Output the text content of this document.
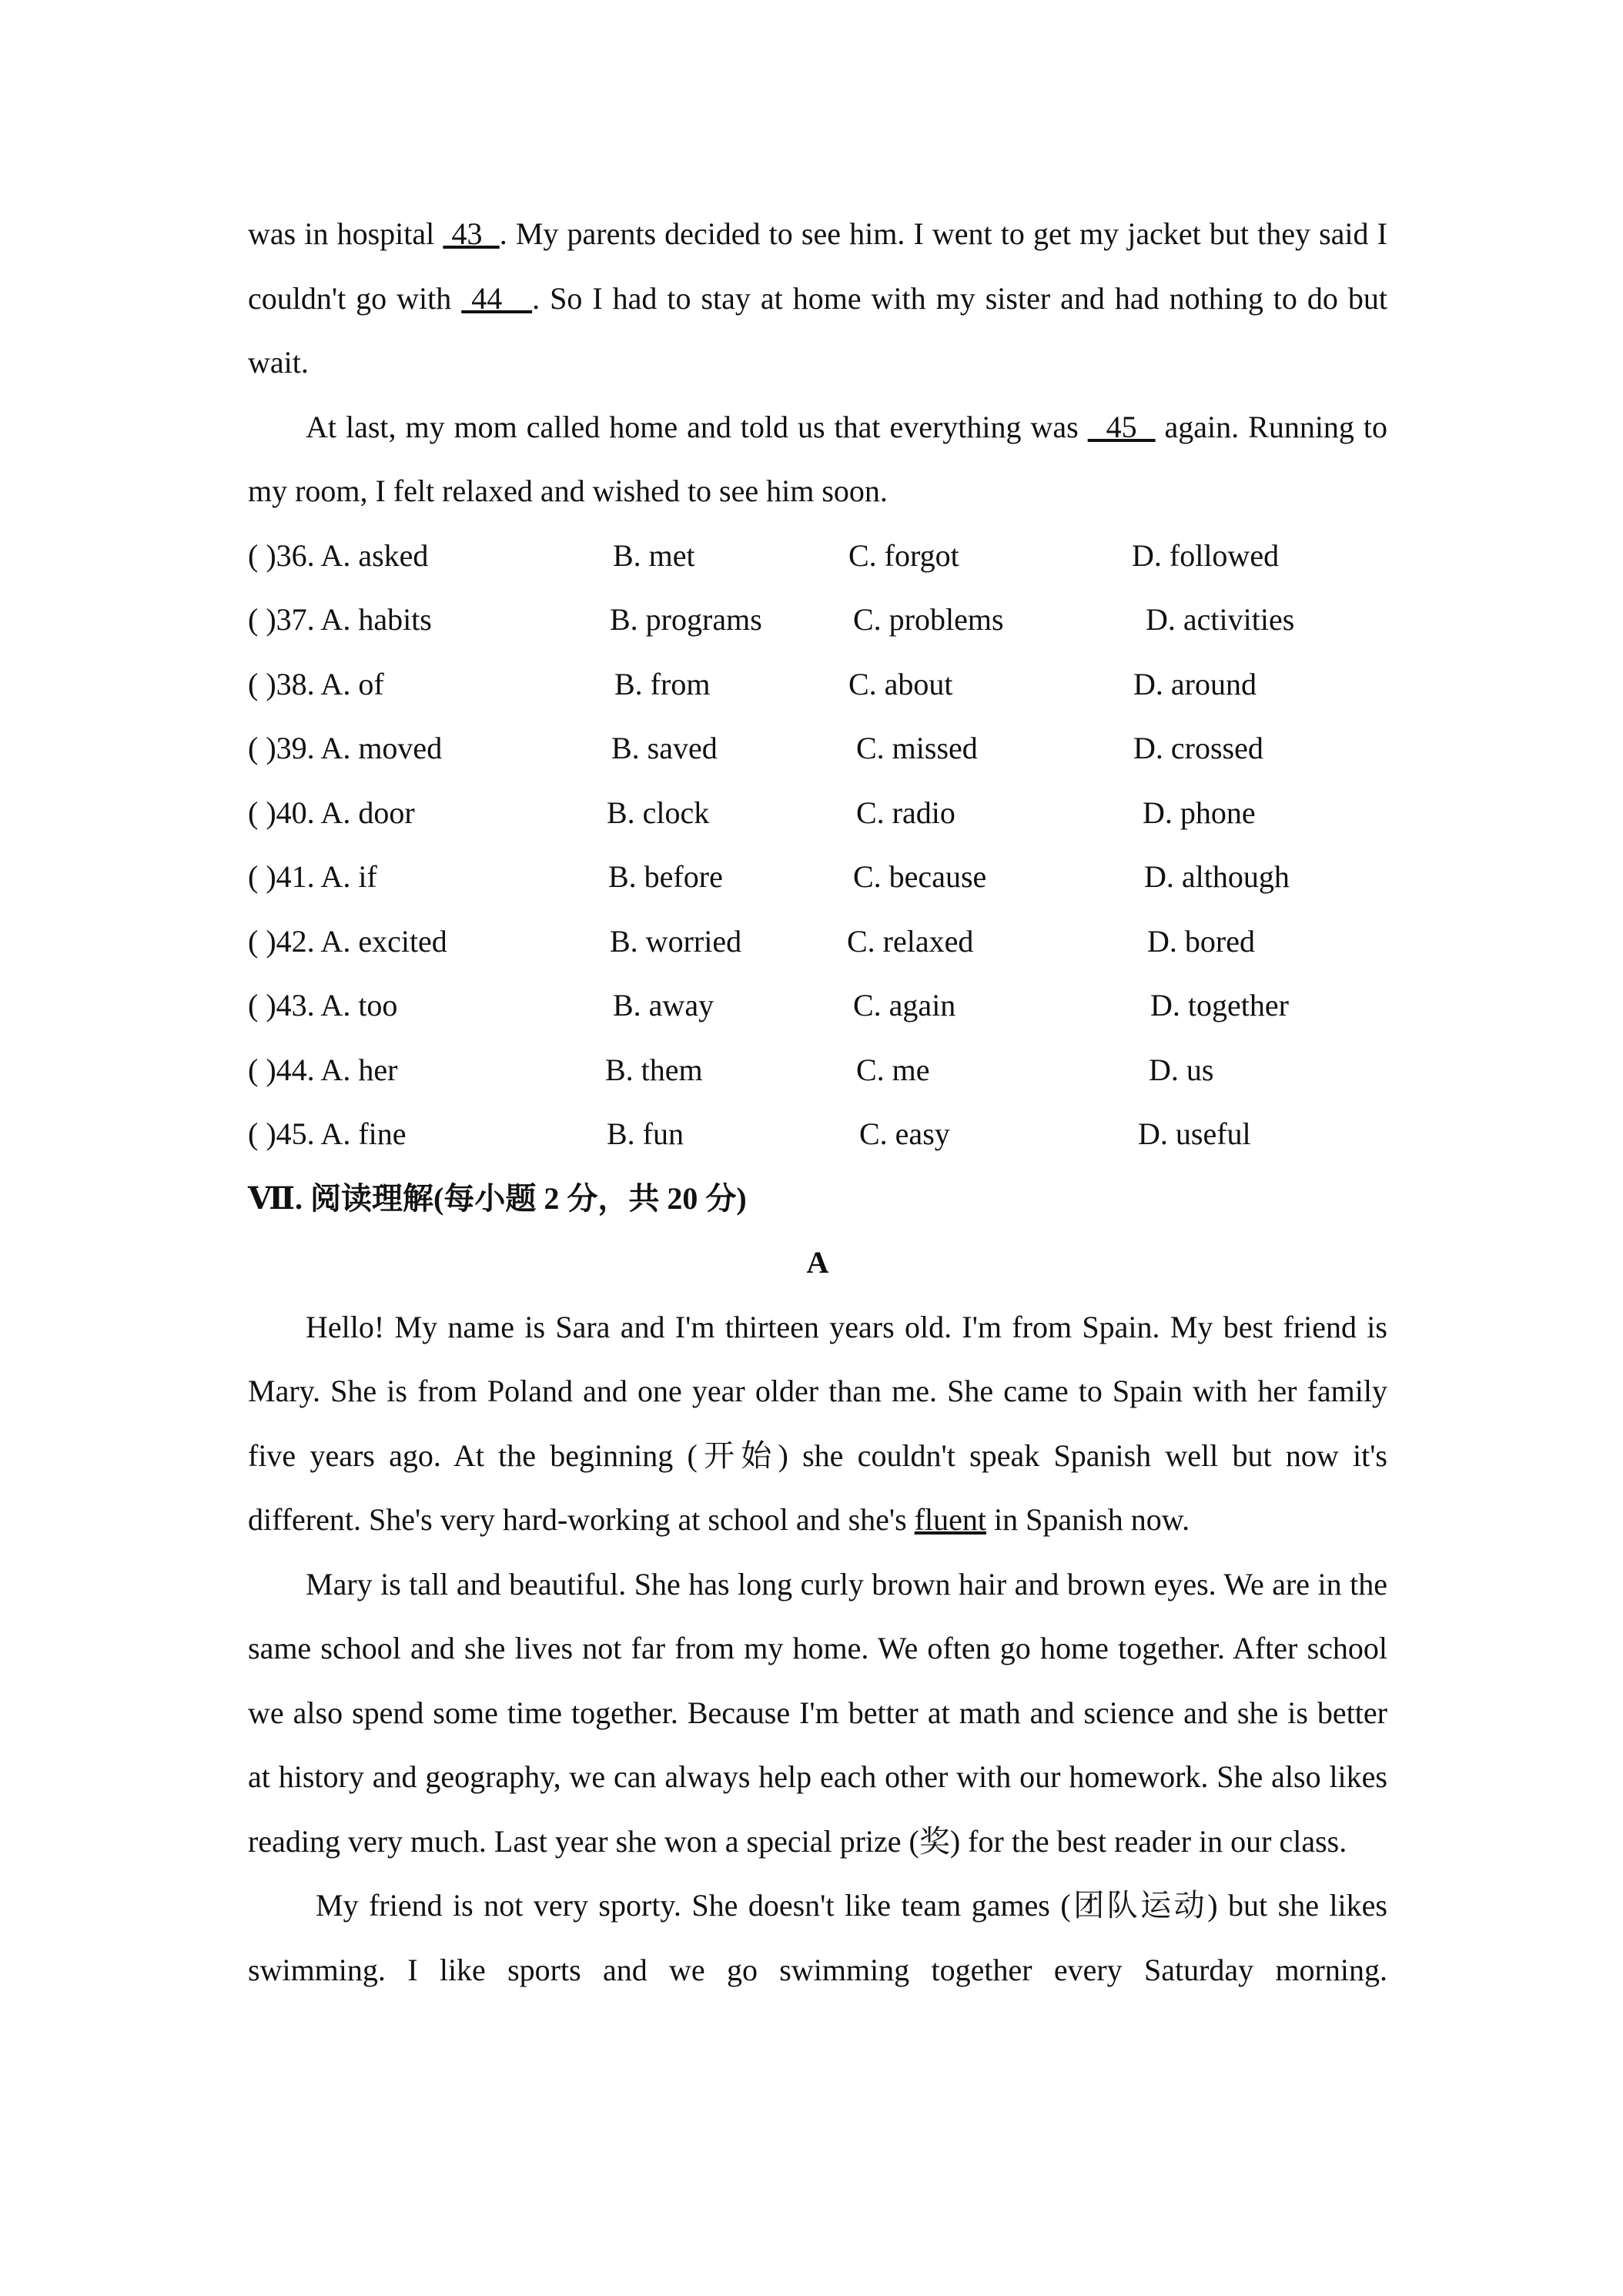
was in hospital  43  . My parents decided to see him. I went to get my jacket but they said I couldn't go with  44   . So I had to stay at home with my sister and had nothing to do but wait.

At last, my mom called home and told us that everything was   45   again. Running to my room, I felt relaxed and wished to see him soon.

( )36. A. asked	B. met	C. forgot	D. followed
( )37. A. habits	B. programs	C. problems	D. activities
( )38. A. of	B. from	C. about	D. around
( )39. A. moved	B. saved	C. missed	D. crossed
( )40. A. door	B. clock	C. radio	D. phone
( )41. A. if	B. before	C. because	D. although
( )42. A. excited	B. worried	C. relaxed	D. bored
( )43. A. too	B. away	C. again	D. together
( )44. A. her	B. them	C. me	D. us
( )45. A. fine	B. fun	C. easy	D. useful

Ⅶ. 阅读理解(每小题 2 分，共 20 分)

A

Hello! My name is Sara and I'm thirteen years old. I'm from Spain. My best friend is Mary. She is from Poland and one year older than me. She came to Spain with her family five years ago. At the beginning (开始) she couldn't speak Spanish well but now it's different. She's very hard-working at school and she's fluent in Spanish now.

Mary is tall and beautiful. She has long curly brown hair and brown eyes. We are in the same school and she lives not far from my home. We often go home together. After school we also spend some time together. Because I'm better at math and science and she is better at history and geography, we can always help each other with our homework. She also likes reading very much. Last year she won a special prize (奖) for the best reader in our class.

My friend is not very sporty. She doesn't like team games (团队运动) but she likes swimming. I like sports and we go swimming together every Saturday morning.
